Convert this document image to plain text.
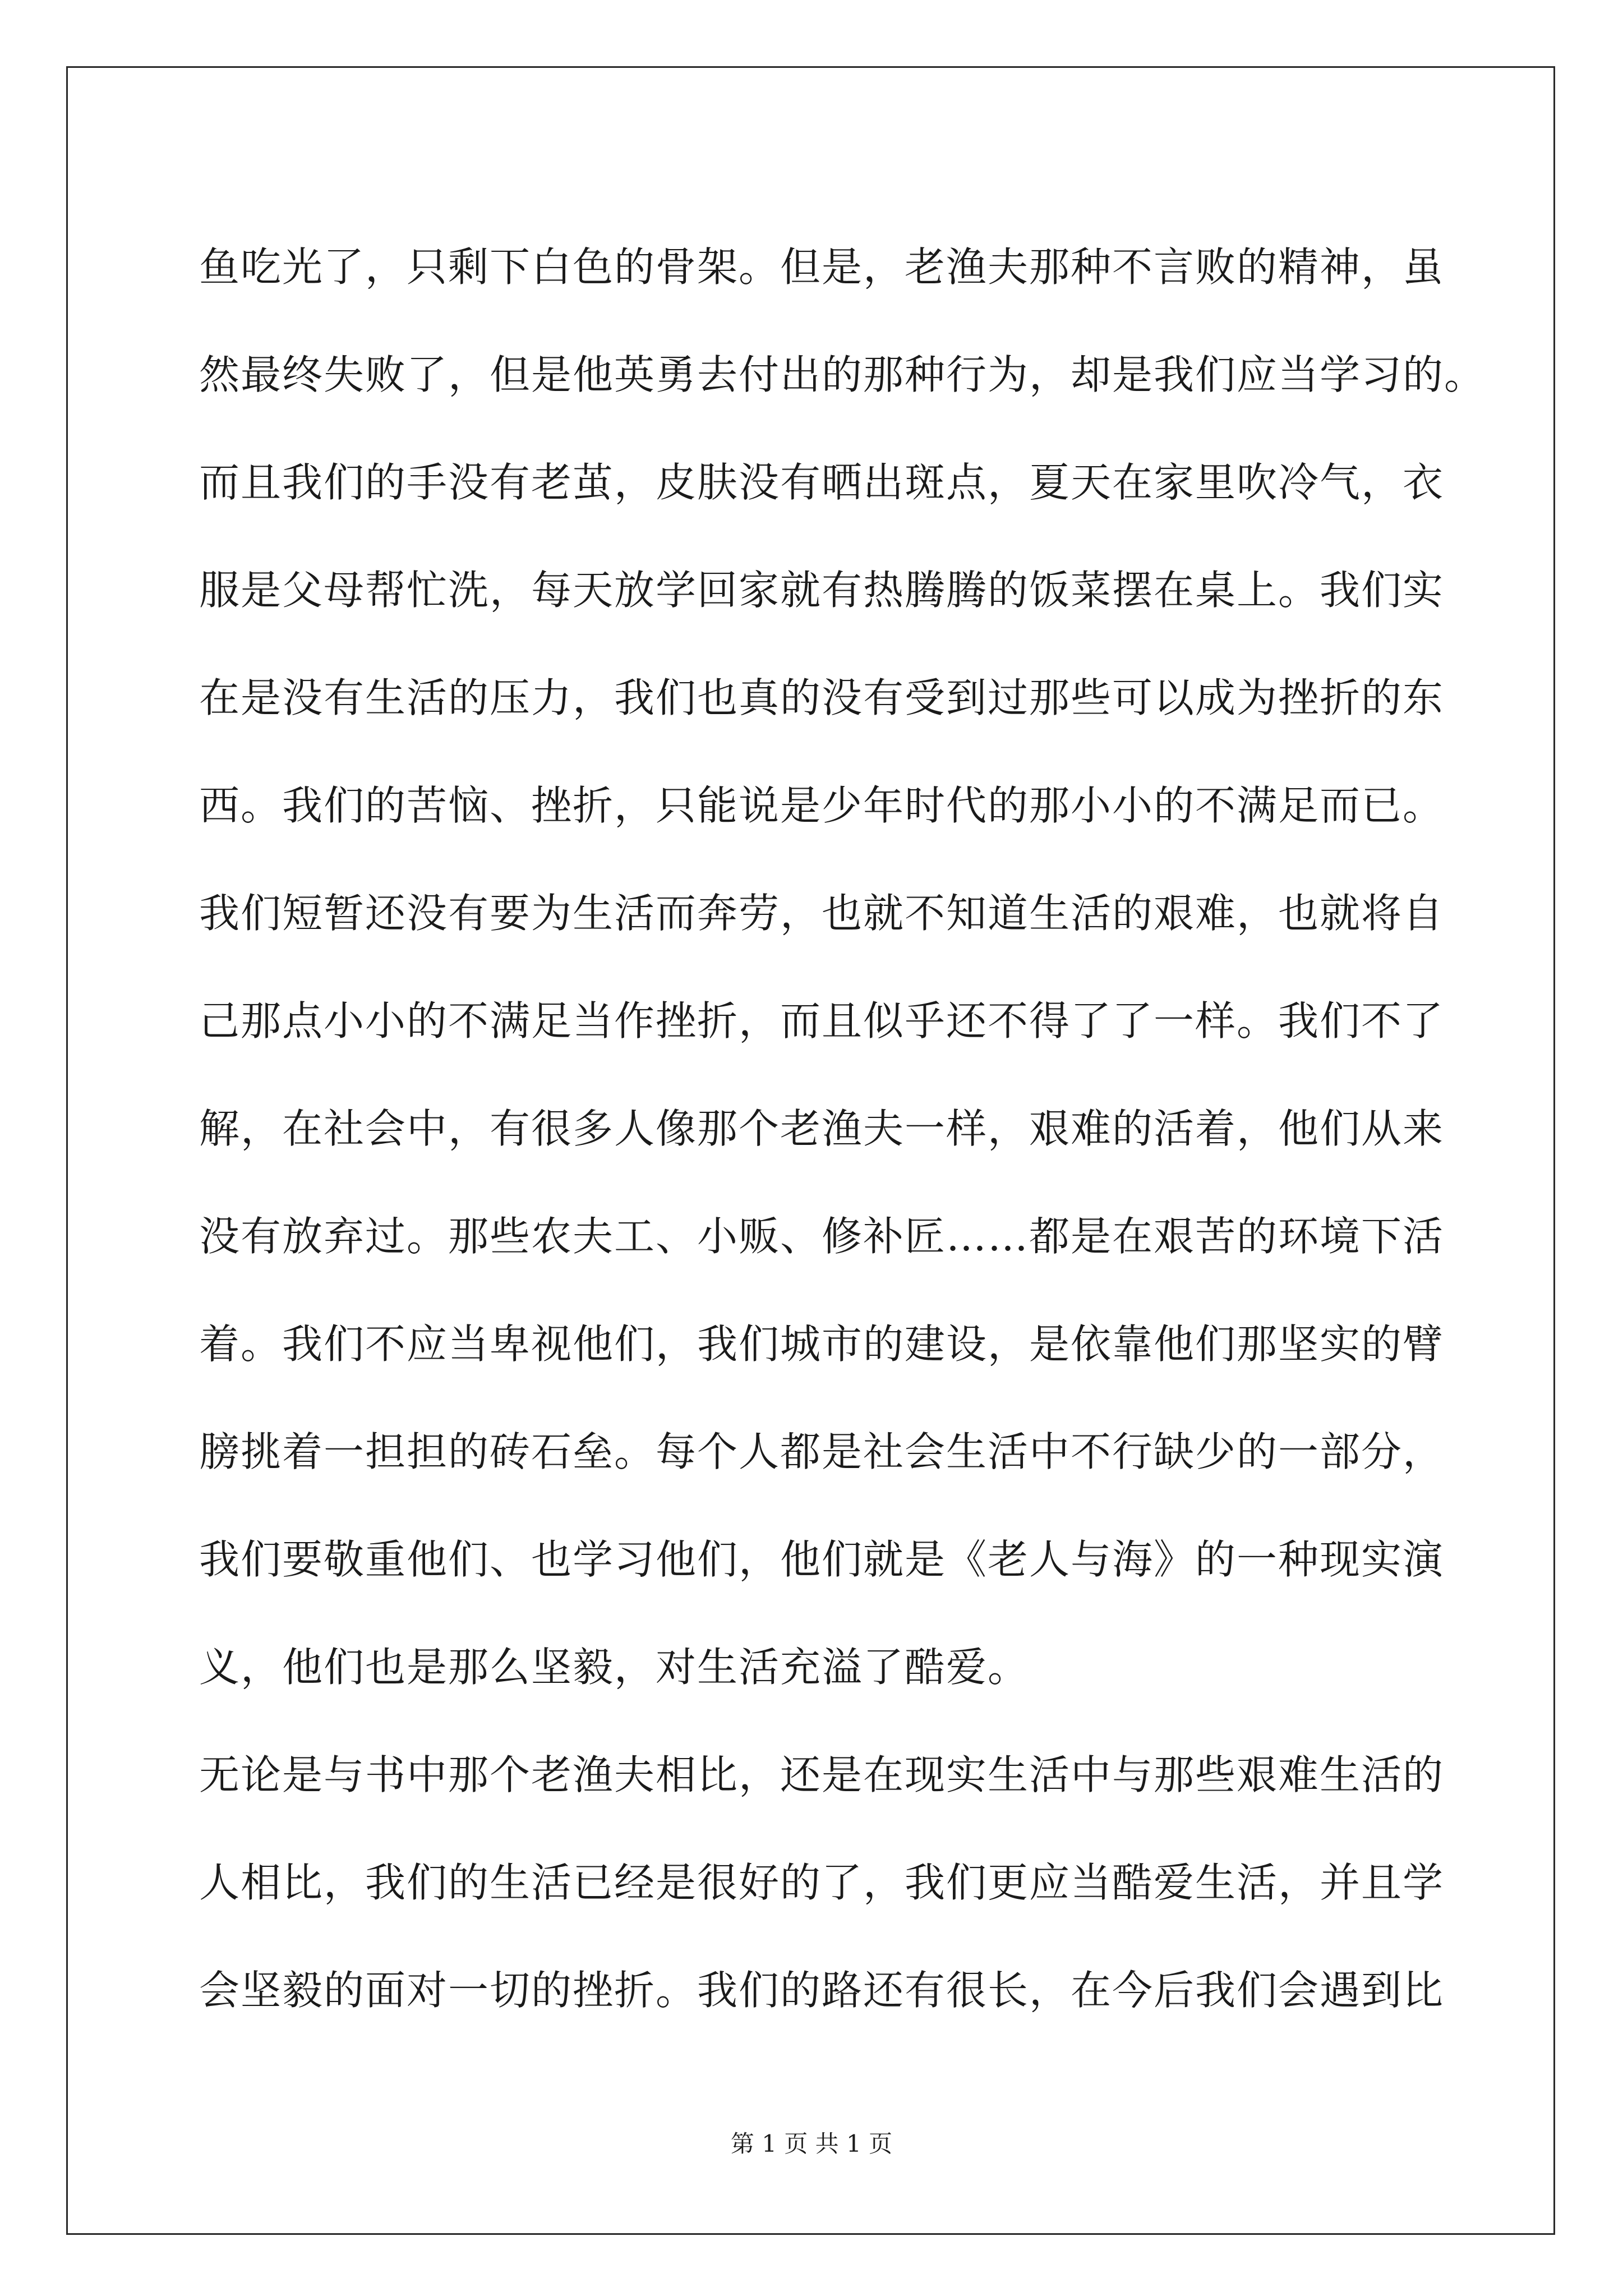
鱼吃光了，只剩下白色的骨架。但是，老渔夫那种不言败的精神，虽
然最终失败了，但是他英勇去付出的那种行为，却是我们应当学习的。
而且我们的手没有老茧，皮肤没有晒出斑点，夏天在家里吹冷气，衣
服是父母帮忙洗，每天放学回家就有热腾腾的饭菜摆在桌上。我们实
在是没有生活的压力，我们也真的没有受到过那些可以成为挫折的东
西。我们的苦恼、挫折，只能说是少年时代的那小小的不满足而已。
我们短暂还没有要为生活而奔劳，也就不知道生活的艰难，也就将自
己那点小小的不满足当作挫折，而且似乎还不得了了一样。我们不了
解，在社会中，有很多人像那个老渔夫一样，艰难的活着，他们从来
没有放弃过。那些农夫工、小贩、修补匠……都是在艰苦的环境下活
着。我们不应当卑视他们，我们城市的建设，是依靠他们那坚实的臂
膀挑着一担担的砖石垒。每个人都是社会生活中不行缺少的一部分，
我们要敬重他们、也学习他们，他们就是《老人与海》的一种现实演
义，他们也是那么坚毅，对生活充溢了酷爱。
无论是与书中那个老渔夫相比，还是在现实生活中与那些艰难生活的
人相比，我们的生活已经是很好的了，我们更应当酷爱生活，并且学
会坚毅的面对一切的挫折。我们的路还有很长，在今后我们会遇到比
第 1 页 共 1 页
